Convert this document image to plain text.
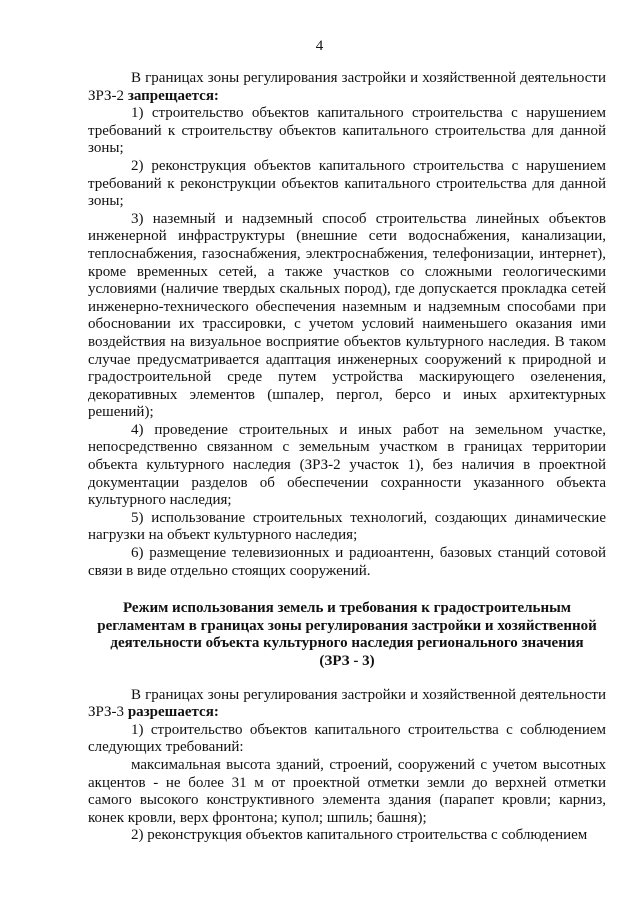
4

В границах зоны регулирования застройки и хозяйственной деятельности ЗРЗ-2 запрещается:

1) строительство объектов капитального строительства с нарушением требований к строительству объектов капитального строительства для данной зоны;

2) реконструкция объектов капитального строительства с нарушением требований к реконструкции объектов капитального строительства для данной зоны;

3) наземный и надземный способ строительства линейных объектов инженерной инфраструктуры (внешние сети водоснабжения, канализации, теплоснабжения, газоснабжения, электроснабжения, телефонизации, интернет), кроме временных сетей, а также участков со сложными геологическими условиями (наличие твердых скальных пород), где допускается прокладка сетей инженерно-технического обеспечения наземным и надземным способами при обосновании их трассировки, с учетом условий наименьшего оказания ими воздействия на визуальное восприятие объектов культурного наследия. В таком случае предусматривается адаптация инженерных сооружений к природной и градостроительной среде путем устройства маскирующего озеленения, декоративных элементов (шпалер, пергол, берсо и иных архитектурных решений);

4) проведение строительных и иных работ на земельном участке, непосредственно связанном с земельным участком в границах территории объекта культурного наследия (ЗРЗ-2 участок 1), без наличия в проектной документации разделов об обеспечении сохранности указанного объекта культурного наследия;

5) использование строительных технологий, создающих динамические нагрузки на объект культурного наследия;

6) размещение телевизионных и радиоантенн, базовых станций сотовой связи в виде отдельно стоящих сооружений.

Режим использования земель и требования к градостроительным
регламентам в границах зоны регулирования застройки и хозяйственной
деятельности объекта культурного наследия регионального значения
(ЗРЗ - 3)

В границах зоны регулирования застройки и хозяйственной деятельности ЗРЗ-3 разрешается:

1) строительство объектов капитального строительства с соблюдением следующих требований:

максимальная высота зданий, строений, сооружений с учетом высотных акцентов - не более 31 м от проектной отметки земли до верхней отметки самого высокого конструктивного элемента здания (парапет кровли; карниз, конек кровли, верх фронтона; купол; шпиль; башня);

2) реконструкция объектов капитального строительства с соблюдением
